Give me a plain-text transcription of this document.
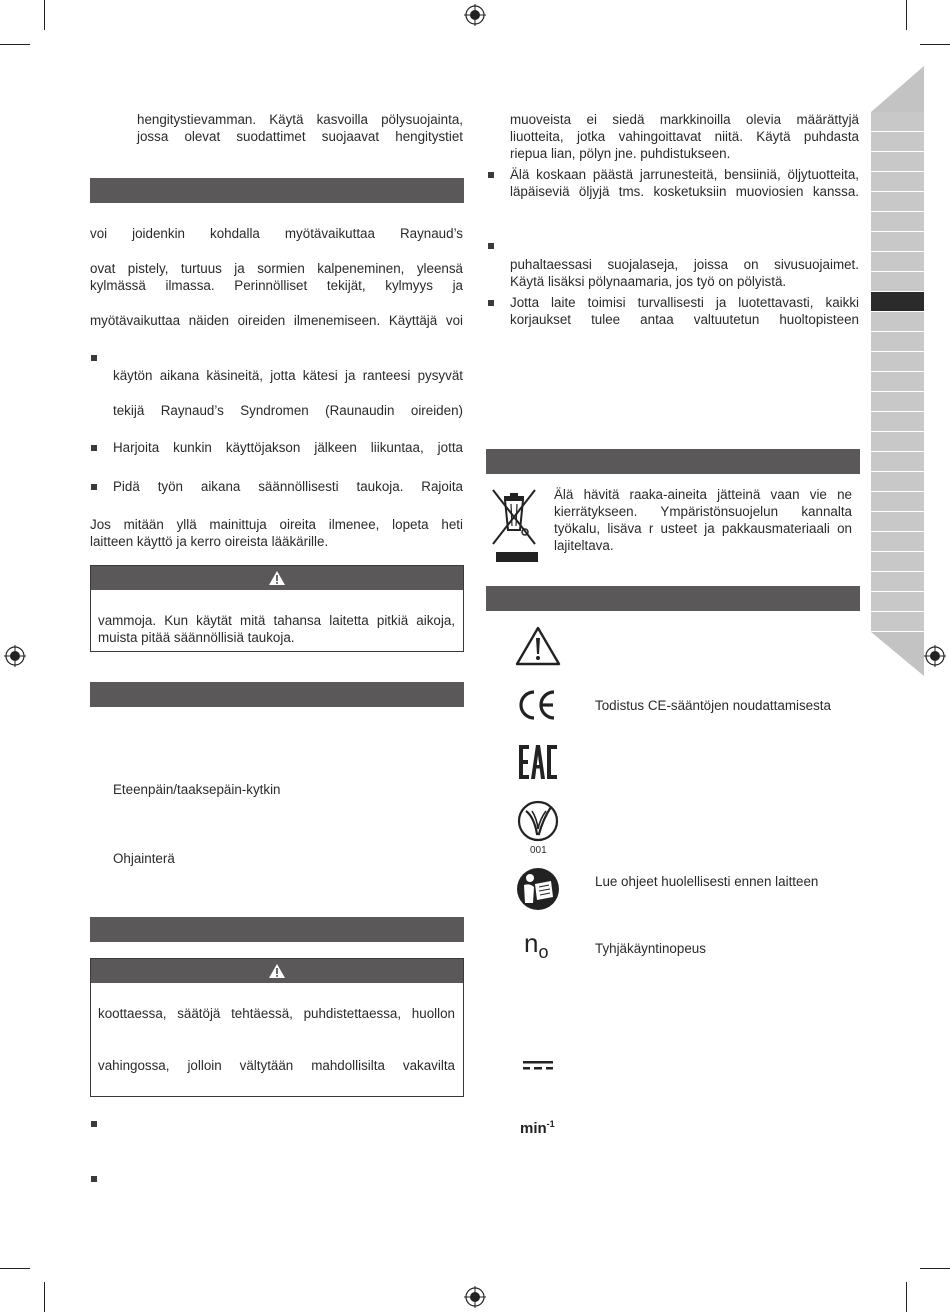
hengitystievamman. Käytä kasvoilla pölysuojainta,
jossa olevat suodattimet suojaavat hengitystiet
voi joidenkin kohdalla myötävaikuttaa Raynaud’s
ovat pistely, turtuus ja sormien kalpeneminen, yleensä
kylmässä ilmassa. Perinnölliset tekijät, kylmyys ja
myötävaikuttaa näiden oireiden ilmenemiseen. Käyttäjä voi
käytön aikana käsineitä, jotta kätesi ja ranteesi pysyvät
tekijä Raynaud’s Syndromen (Raunaudin oireiden)
Harjoita kunkin käyttöjakson jälkeen liikuntaa, jotta
Pidä työn aikana säännöllisesti taukoja. Rajoita
Jos mitään yllä mainittuja oireita ilmenee, lopeta heti
laitteen käyttö ja kerro oireista lääkärille.
vammoja. Kun käytät mitä tahansa laitetta pitkiä aikoja,
muista pitää säännöllisiä taukoja.
Eteenpäin/taaksepäin-kytkin
Ohjainterä
koottaessa, säätöjä tehtäessä, puhdistettaessa, huollon
vahingossa, jolloin vältytään mahdollisilta vakavilta
muoveista ei siedä markkinoilla olevia määrättyjä
liuotteita, jotka vahingoittavat niitä. Käytä puhdasta
riepua lian, pölyn jne. puhdistukseen.
Älä koskaan päästä jarrunesteitä, bensiiniä, öljytuotteita,
läpäiseviä öljyjä tms. kosketuksiin muoviosien kanssa.
puhaltaessasi suojalaseja, joissa on sivusuojaimet.
Käytä lisäksi pölynaamaria, jos työ on pölyistä.
Jotta laite toimisi turvallisesti ja luotettavasti, kaikki
korjaukset tulee antaa valtuutetun huoltopisteen
Älä hävitä raaka-aineita jätteinä vaan vie ne
kierrätykseen. Ympäristönsuojelun kannalta
työkalu, lisäva r usteet ja pakkausmateriaali on
lajiteltava.
Todistus CE-sääntöjen noudattamisesta
001
Lue ohjeet huolellisesti ennen laitteen
$n_o$	Tyhjäkäyntinopeus
$\min^{-1}$
